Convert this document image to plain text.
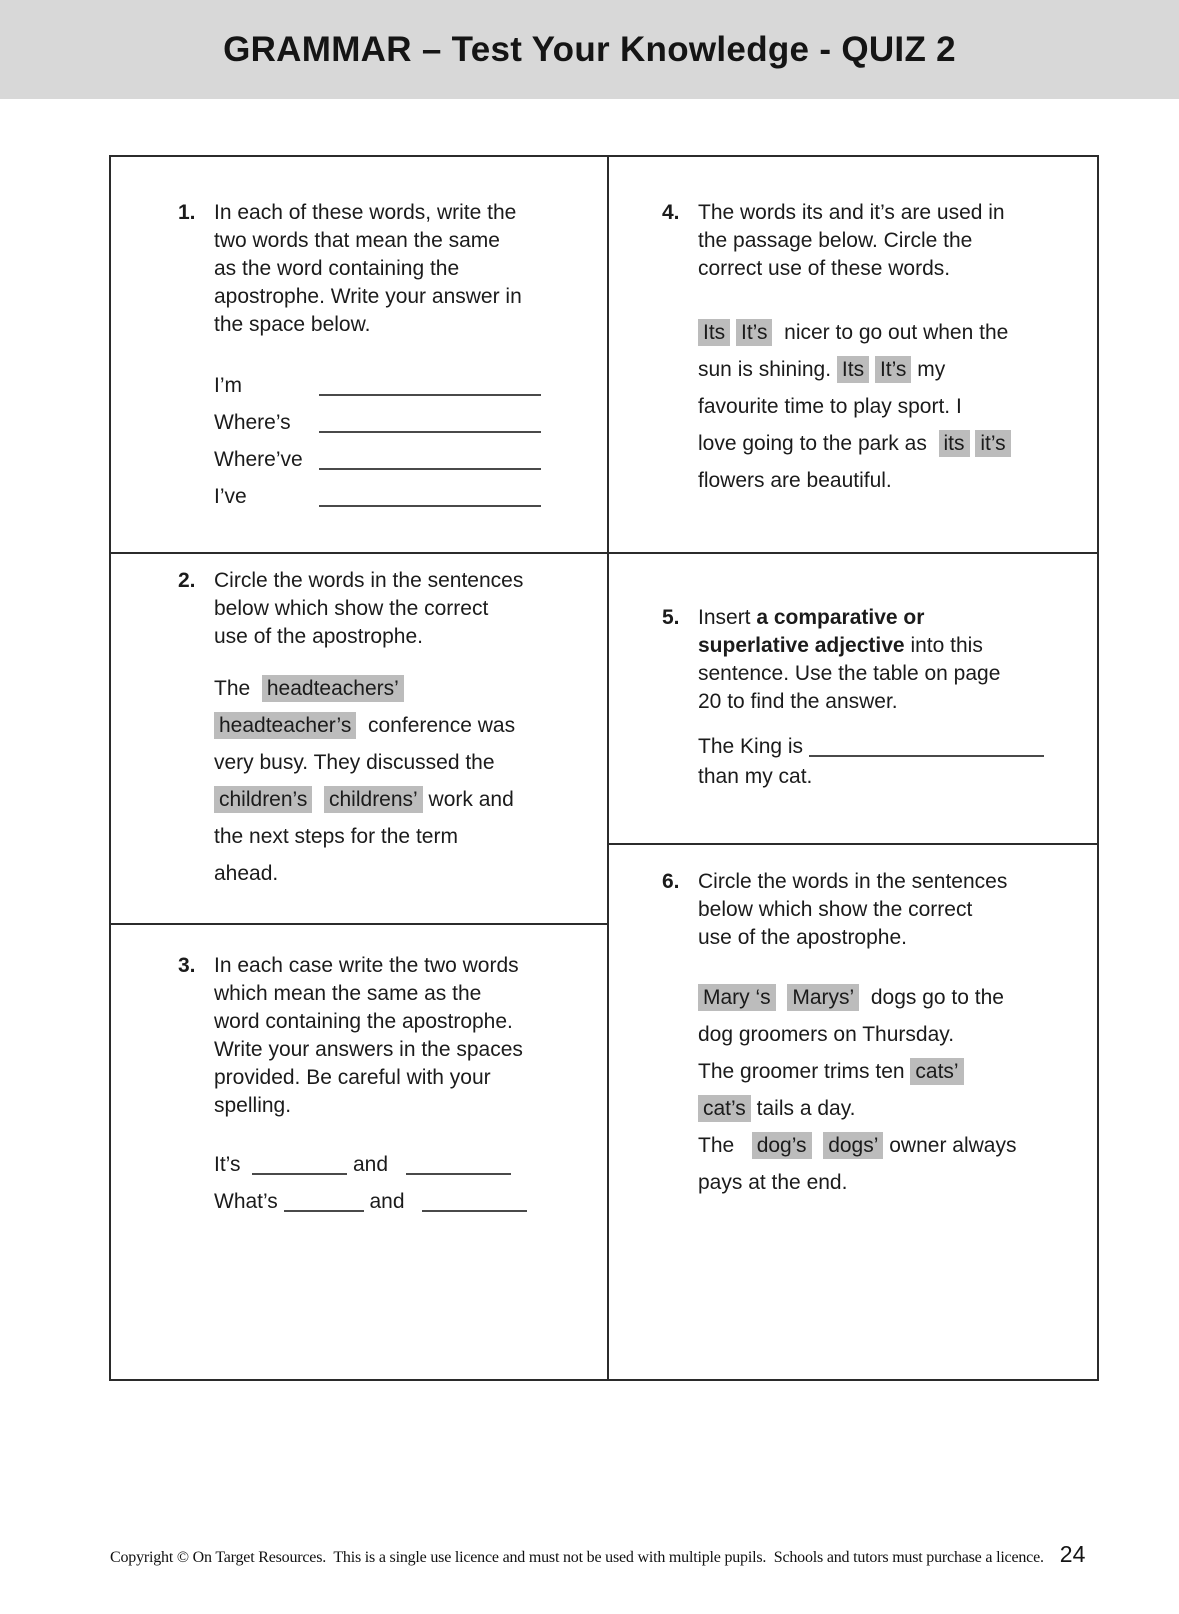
GRAMMAR – Test Your Knowledge - QUIZ 2
1. In each of these words, write the
two words that mean the same
as the word containing the
apostrophe. Write your answer in
the space below.
I’m
Where’s
Where’ve
I’ve
2. Circle the words in the sentences
below which show the correct
use of the apostrophe.
The  headteachers’
headteacher’s  conference was
very busy. They discussed the
children’s childrens’ work and
the next steps for the term
ahead.
3. In each case write the two words
which mean the same as the
word containing the apostrophe.
Write your answers in the spaces
provided. Be careful with your
spelling.
It’s	and
What’s	and
4. The words its and it’s are used in
the passage below. Circle the
correct use of these words.
Its It’s  nicer to go out when the
sun is shining. Its It’s my
favourite time to play sport. I
love going to the park as  its it’s
flowers are beautiful.
5. Insert a comparative or
superlative adjective into this
sentence. Use the table on page
20 to find the answer.
The King is
than my cat.
6. Circle the words in the sentences
below which show the correct
use of the apostrophe.
Mary ‘s Marys’  dogs go to the
dog groomers on Thursday.
The groomer trims ten cats’
cat’s tails a day.
The   dog’s dogs’ owner always
pays at the end.
Copyright © On Target Resources.  This is a single use licence and must not be used with multiple pupils.  Schools and tutors must purchase a licence. 24
